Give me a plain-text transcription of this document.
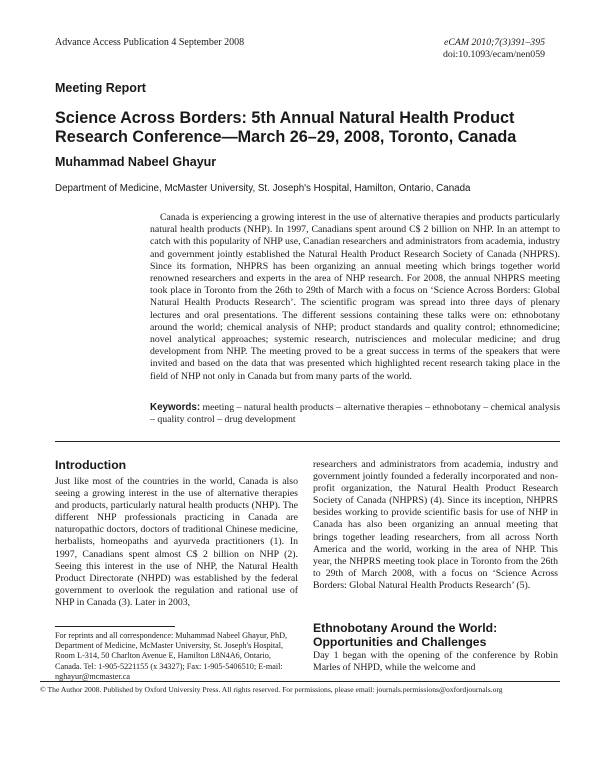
Advance Access Publication 4 September 2008	eCAM 2010;7(3)391–395
doi:10.1093/ecam/nen059
Meeting Report
Science Across Borders: 5th Annual Natural Health Product Research Conference—March 26–29, 2008, Toronto, Canada
Muhammad Nabeel Ghayur
Department of Medicine, McMaster University, St. Joseph's Hospital, Hamilton, Ontario, Canada

Canada is experiencing a growing interest in the use of alternative therapies and products particularly natural health products (NHP). In 1997, Canadians spent around C$ 2 billion on NHP. In an attempt to catch with this popularity of NHP use, Canadian researchers and administrators from academia, industry and government jointly established the Natural Health Product Research Society of Canada (NHPRS). Since its formation, NHPRS has been organizing an annual meeting which brings together world renowned researchers and experts in the area of NHP research. For 2008, the annual NHPRS meeting took place in Toronto from the 26th to 29th of March with a focus on ‘Science Across Borders: Global Natural Health Products Research’. The scientific program was spread into three days of plenary lectures and oral presentations. The different sessions containing these talks were on: ethnobotany around the world; chemical analysis of NHP; product standards and quality control; ethnomedicine; novel analytical approaches; systemic research, nutrisciences and molecular medicine; and drug development from NHP. The meeting proved to be a great success in terms of the speakers that were invited and based on the data that was presented which highlighted recent research taking place in the field of NHP not only in Canada but from many parts of the world.

Keywords: meeting – natural health products – alternative therapies – ethnobotany – chemical analysis – quality control – drug development

Introduction

Just like most of the countries in the world, Canada is also seeing a growing interest in the use of alternative therapies and products, particularly natural health products (NHP). The different NHP professionals practicing in Canada are naturopathic doctors, doctors of traditional Chinese medicine, herbalists, homeopaths and ayurveda practitioners (1). In 1997, Canadians spent almost C$ 2 billion on NHP (2). Seeing this interest in the use of NHP, the Natural Health Product Directorate (NHPD) was established by the federal government to overlook the regulation and rational use of NHP in Canada (3). Later in 2003,

researchers and administrators from academia, industry and government jointly founded a federally incorporated and non-profit organization, the Natural Health Product Research Society of Canada (NHPRS) (4). Since its inception, NHPRS besides working to provide scientific basis for use of NHP in Canada has also been organizing an annual meeting that brings together leading researchers, from all across North America and the world, working in the area of NHP. This year, the NHPRS meeting took place in Toronto from the 26th to 29th of March 2008, with a focus on ‘Science Across Borders: Global Natural Health Products Research’ (5).

For reprints and all correspondence: Muhammad Nabeel Ghayur, PhD, Department of Medicine, McMaster University, St. Joseph's Hospital, Room L-314, 50 Charlton Avenue E, Hamilton L8N4A6, Ontario, Canada. Tel: 1-905-5221155 (x 34327); Fax: 1-905-5406510; E-mail: nghayur@mcmaster.ca

Ethnobotany Around the World: Opportunities and Challenges

Day 1 began with the opening of the conference by Robin Marles of NHPD, while the welcome and

© The Author 2008. Published by Oxford University Press. All rights reserved. For permissions, please email: journals.permissions@oxfordjournals.org
